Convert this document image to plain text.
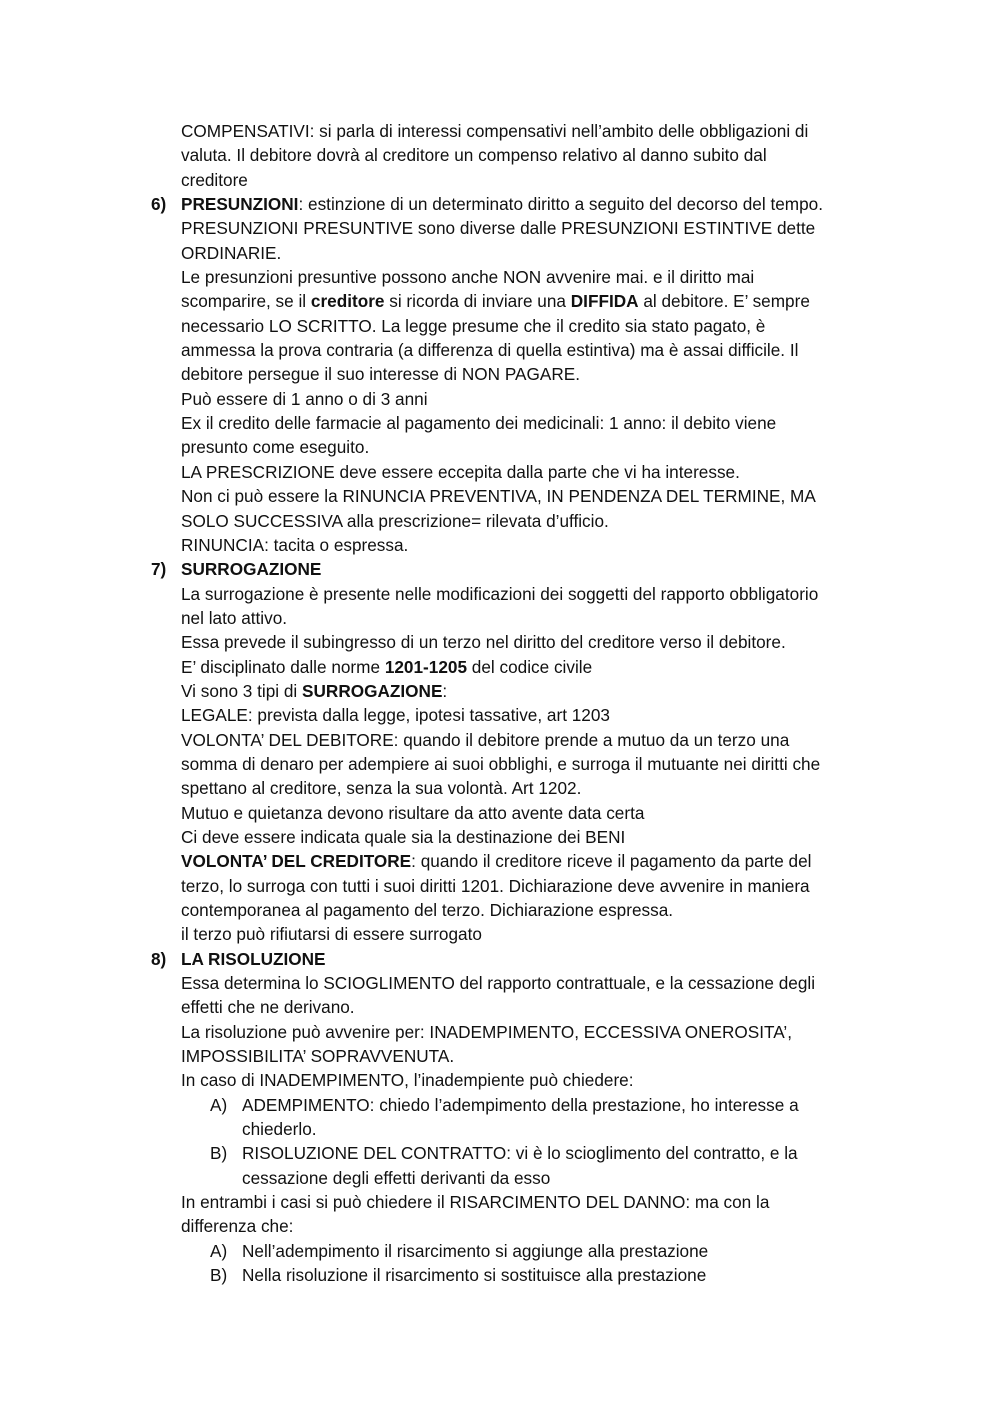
COMPENSATIVI: si parla di interessi compensativi nell’ambito delle obbligazioni di
valuta. Il debitore dovrà al creditore un compenso relativo al danno subito dal
creditore
6) PRESUNZIONI: estinzione di un determinato diritto a seguito del decorso del tempo.
PRESUNZIONI PRESUNTIVE sono diverse dalle PRESUNZIONI ESTINTIVE dette
ORDINARIE.
Le presunzioni presuntive possono anche NON avvenire mai. e il diritto mai
scomparire, se il creditore si ricorda di inviare una DIFFIDA al debitore. E’ sempre
necessario LO SCRITTO. La legge presume che il credito sia stato pagato, è
ammessa la prova contraria (a differenza di quella estintiva) ma è assai difficile. Il
debitore persegue il suo interesse di NON PAGARE.
Può essere di 1 anno o di 3 anni
Ex il credito delle farmacie al pagamento dei medicinali: 1 anno: il debito viene
presunto come eseguito.
LA PRESCRIZIONE deve essere eccepita dalla parte che vi ha interesse.
Non ci può essere la RINUNCIA PREVENTIVA, IN PENDENZA DEL TERMINE, MA
SOLO SUCCESSIVA alla prescrizione= rilevata d’ufficio.
RINUNCIA: tacita o espressa.
7) SURROGAZIONE
La surrogazione è presente nelle modificazioni dei soggetti del rapporto obbligatorio
nel lato attivo.
Essa prevede il subingresso di un terzo nel diritto del creditore verso il debitore.
E’ disciplinato dalle norme 1201-1205 del codice civile
Vi sono 3 tipi di SURROGAZIONE:
LEGALE: prevista dalla legge, ipotesi tassative, art 1203
VOLONTA’ DEL DEBITORE: quando il debitore prende a mutuo da un terzo una
somma di denaro per adempiere ai suoi obblighi, e surroga il mutuante nei diritti che
spettano al creditore, senza la sua volontà. Art 1202.
Mutuo e quietanza devono risultare da atto avente data certa
Ci deve essere indicata quale sia la destinazione dei BENI
VOLONTA’ DEL CREDITORE: quando il creditore riceve il pagamento da parte del
terzo, lo surroga con tutti i suoi diritti 1201. Dichiarazione deve avvenire in maniera
contemporanea al pagamento del terzo. Dichiarazione espressa.
il terzo può rifiutarsi di essere surrogato
8) LA RISOLUZIONE
Essa determina lo SCIOGLIMENTO del rapporto contrattuale, e la cessazione degli
effetti che ne derivano.
La risoluzione può avvenire per: INADEMPIMENTO, ECCESSIVA ONEROSITA’,
IMPOSSIBILITA’ SOPRAVVENUTA.
In caso di INADEMPIMENTO, l’inadempiente può chiedere:
A) ADEMPIMENTO: chiedo l’adempimento della prestazione, ho interesse a
chiederlo.
B) RISOLUZIONE DEL CONTRATTO: vi è lo scioglimento del contratto, e la
cessazione degli effetti derivanti da esso
In entrambi i casi si può chiedere il RISARCIMENTO DEL DANNO: ma con la
differenza che:
A) Nell’adempimento il risarcimento si aggiunge alla prestazione
B) Nella risoluzione il risarcimento si sostituisce alla prestazione
